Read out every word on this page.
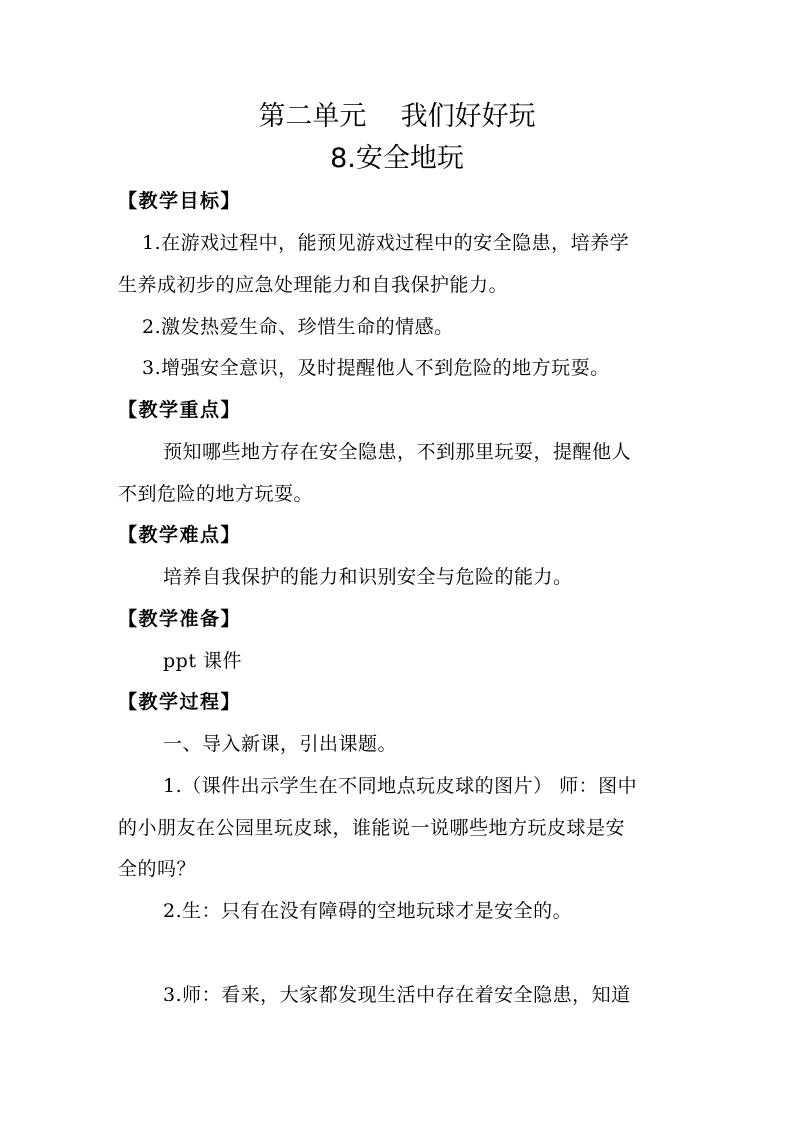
第二单元    我们好好玩
8.安全地玩
【教学目标】
1.在游戏过程中，能预见游戏过程中的安全隐患，培养学
生养成初步的应急处理能力和自我保护能力。
2.激发热爱生命、珍惜生命的情感。
3.增强安全意识，及时提醒他人不到危险的地方玩耍。
【教学重点】
预知哪些地方存在安全隐患，不到那里玩耍，提醒他人
不到危险的地方玩耍。
【教学难点】
培养自我保护的能力和识别安全与危险的能力。
【教学准备】
ppt 课件
【教学过程】
一、导入新课，引出课题。
1.（课件出示学生在不同地点玩皮球的图片） 师：图中
的小朋友在公园里玩皮球，谁能说一说哪些地方玩皮球是安
全的吗？
2.生：只有在没有障碍的空地玩球才是安全的。
3.师：看来，大家都发现生活中存在着安全隐患，知道
